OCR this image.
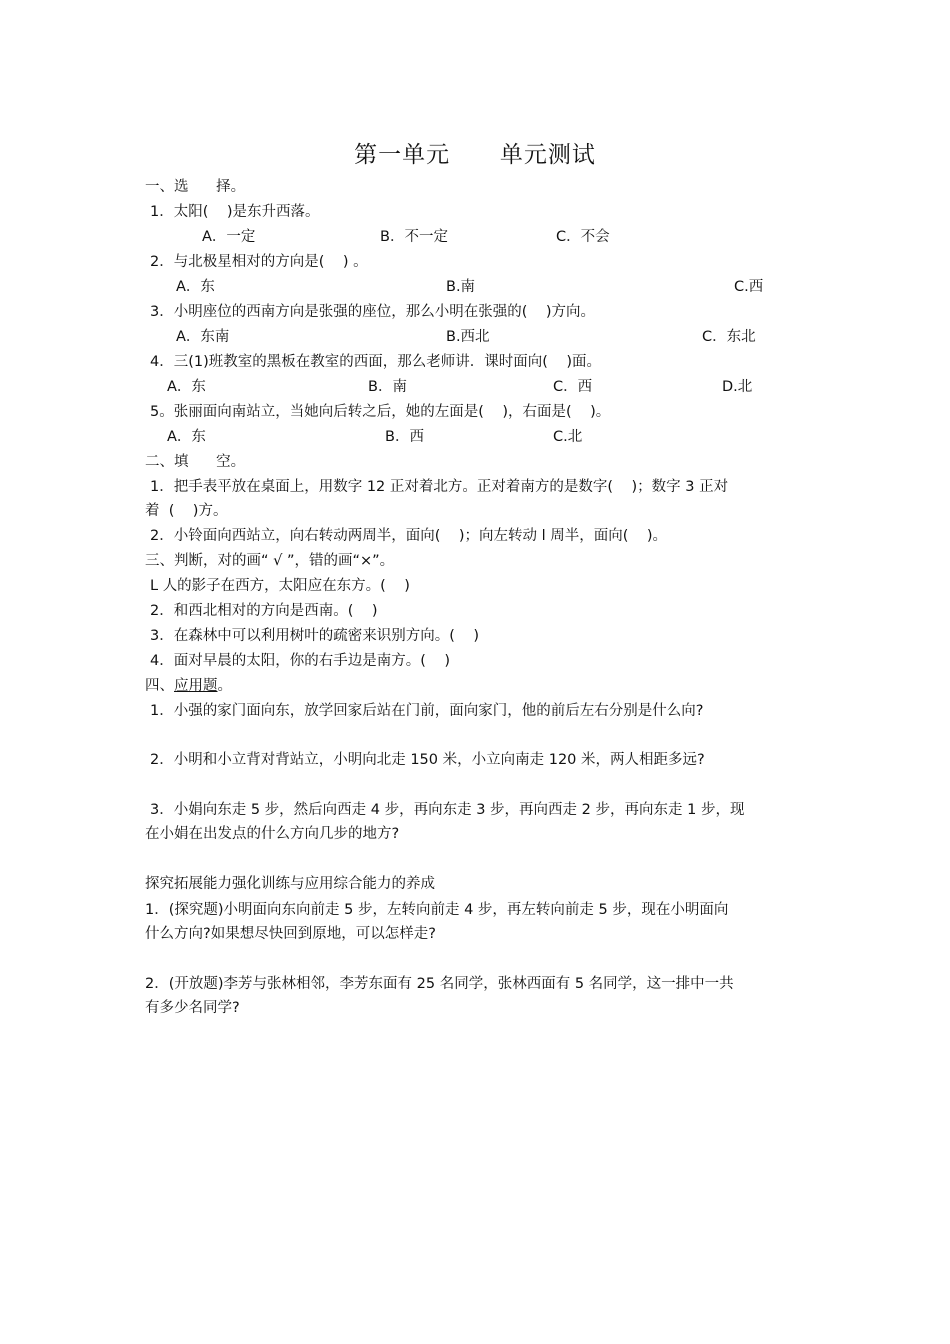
第一单元      单元测试
一、选      择。
1．太阳(    )是东升西落。
A．一定	B．不一定	C．不会
2．与北极星相对的方向是(    ) 。
A．东	B.南	C.西
3．小明座位的西南方向是张强的座位，那么小明在张强的(    )方向。
A．东南	B.西北	C．东北
4．三(1)班教室的黑板在教室的西面，那么老师讲．课时面向(    )面。
A．东	B．南	C．西	D.北
5。张丽面向南站立，当她向后转之后，她的左面是(    )，右面是(    )。
A．东	B．西	C.北
二、填      空。
1．把手表平放在桌面上，用数字 12 正对着北方。正对着南方的是数字(    )；数字 3 正对
着  (    )方。
2．小铃面向西站立，向右转动两周半，面向(    )；向左转动 l 周半，面向(    )。
三、判断，对的画“ √ ”，错的画“×”。
L 人的影子在西方，太阳应在东方。(    )
2．和西北相对的方向是西南。(    )
3．在森林中可以利用树叶的疏密来识别方向。(    )
4．面对早晨的太阳，你的右手边是南方。(    )
四、应用题。
1．小强的家门面向东，放学回家后站在门前，面向家门，他的前后左右分别是什么向?
2．小明和小立背对背站立，小明向北走 150 米，小立向南走 120 米，两人相距多远?
3．小娟向东走 5 步，然后向西走 4 步，再向东走 3 步，再向西走 2 步，再向东走 1 步，现
在小娟在出发点的什么方向几步的地方?
探究拓展能力强化训练与应用综合能力的养成
1．(探究题)小明面向东向前走 5 步，左转向前走 4 步，再左转向前走 5 步，现在小明面向
什么方向?如果想尽快回到原地，可以怎样走?
2．(开放题)李芳与张林相邻，李芳东面有 25 名同学，张林西面有 5 名同学，这一排中一共
有多少名同学?
